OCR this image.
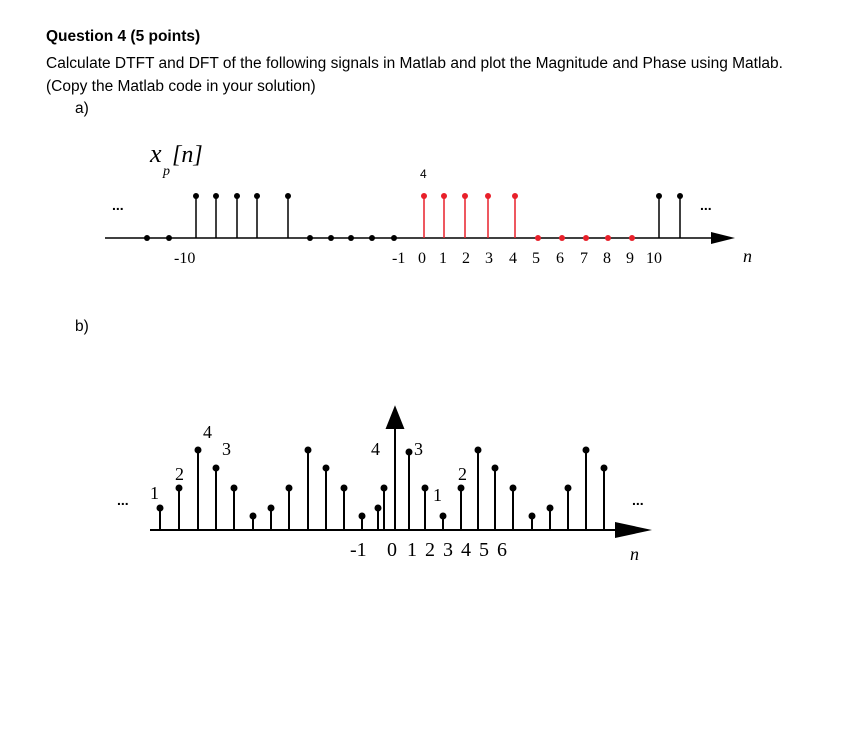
Question 4 (5 points)
Calculate DTFT and DFT of the following signals in Matlab and plot the Magnitude and Phase using Matlab. (Copy the Matlab code in your solution)
a)
b)
x
p
[n]
...	...
4
-10	-1 0 1 2 3 4 5 6 7 8 9 10	n
...	...
1
2
4
3	4 3
1
2
-1 0 1 2 3 4 5 6	n
